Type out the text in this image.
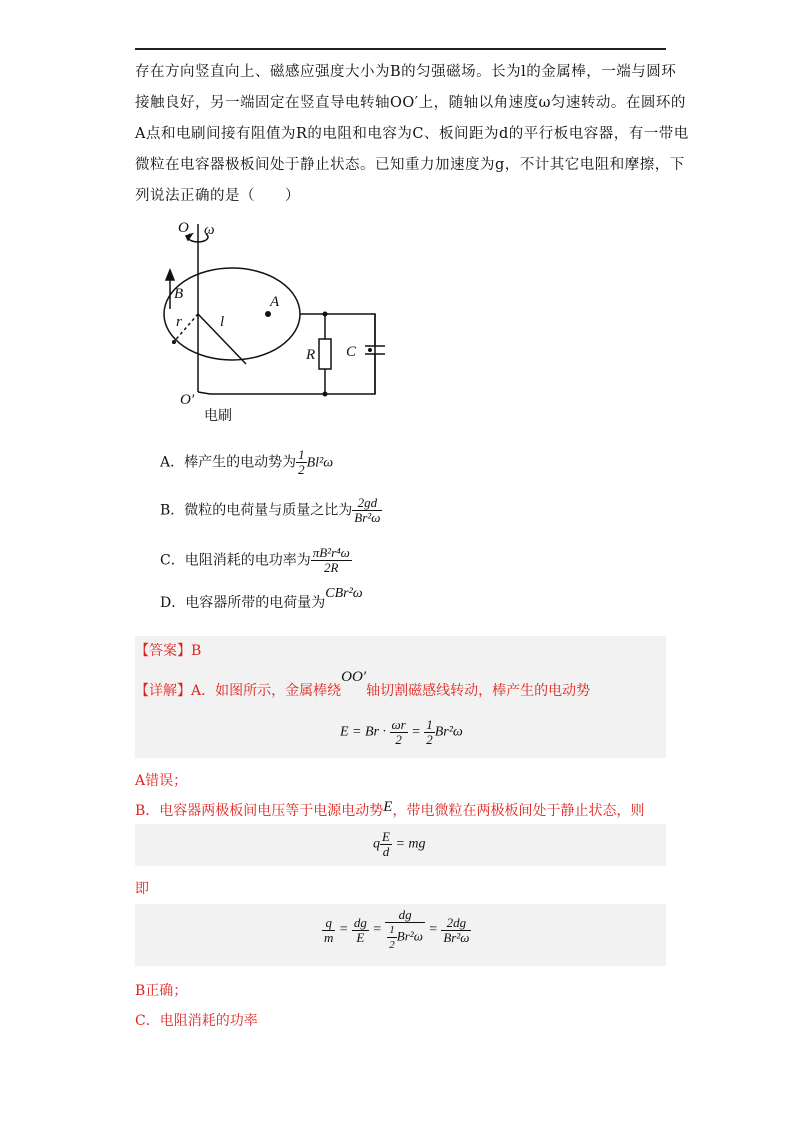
存在方向竖直向上、磁感应强度大小为B的匀强磁场。长为l的金属棒，一端与圆环
接触良好，另一端固定在竖直导电转轴OO′上，随轴以角速度ω匀速转动。在圆环的
A点和电刷间接有阻值为R的电阻和电容为C、板间距为d的平行板电容器，有一带电
微粒在电容器极板间处于静止状态。已知重力加速度为g，不计其它电阻和摩擦，下
列说法正确的是（　　）
O ω
B	A
r	l
R C
O′
电刷
A．棒产生的电动势为 $\frac{1}{2} Bl^2\omega$
B．微粒的电荷量与质量之比为 $\frac{2gd}{\text{Br²ω}}$
C．电阻消耗的电功率为 $\frac{\text{πB²r⁴ω}}{2R}$
D．电容器所带的电荷量为CBr²ω
【答案】B
【详解】A．如图所示，金属棒绕OO′轴切割磁感线转动，棒产生的电动势
$E = Br \cdot \frac{\omega r}{2} = \frac{1}{2} Br^2\omega$
A错误；
B．电容器两极板间电压等于电源电动势E，带电微粒在两极板间处于静止状态，则
q $\frac{E}{d}$ = mg
即
$\frac{q}{m} = \frac{dg}{E} = \frac{dg}{\frac{1}{2} Br^2\omega} = \frac{2dg}{\text{Br²ω}}$
B正确；
C．电阻消耗的功率
